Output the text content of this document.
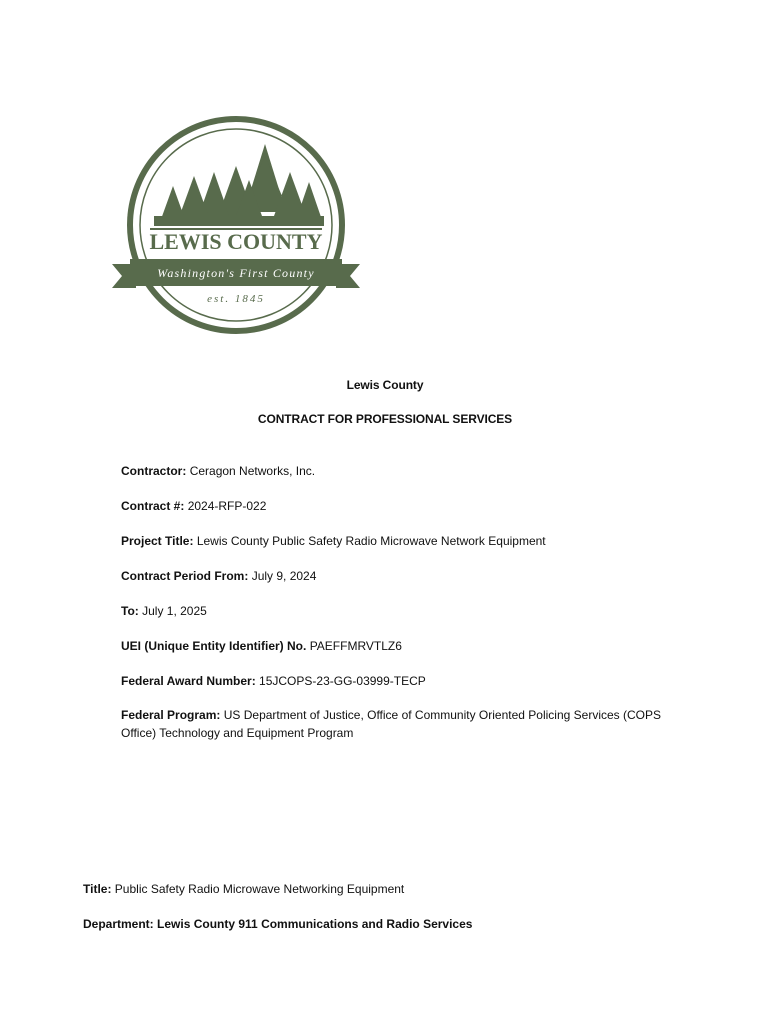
LEWIS COUNTY
Washington's First County
est. 1845
Lewis County
CONTRACT FOR PROFESSIONAL SERVICES
Contractor: Ceragon Networks, Inc.
Contract #: 2024-RFP-022
Project Title: Lewis County Public Safety Radio Microwave Network Equipment
Contract Period From: July 9, 2024
To: July 1, 2025
UEI (Unique Entity Identifier) No. PAEFFMRVTLZ6
Federal Award Number: 15JCOPS-23-GG-03999-TECP
Federal Program: US Department of Justice, Office of Community Oriented Policing Services (COPS Office) Technology and Equipment Program
Title: Public Safety Radio Microwave Networking Equipment
Department: Lewis County 911 Communications and Radio Services
